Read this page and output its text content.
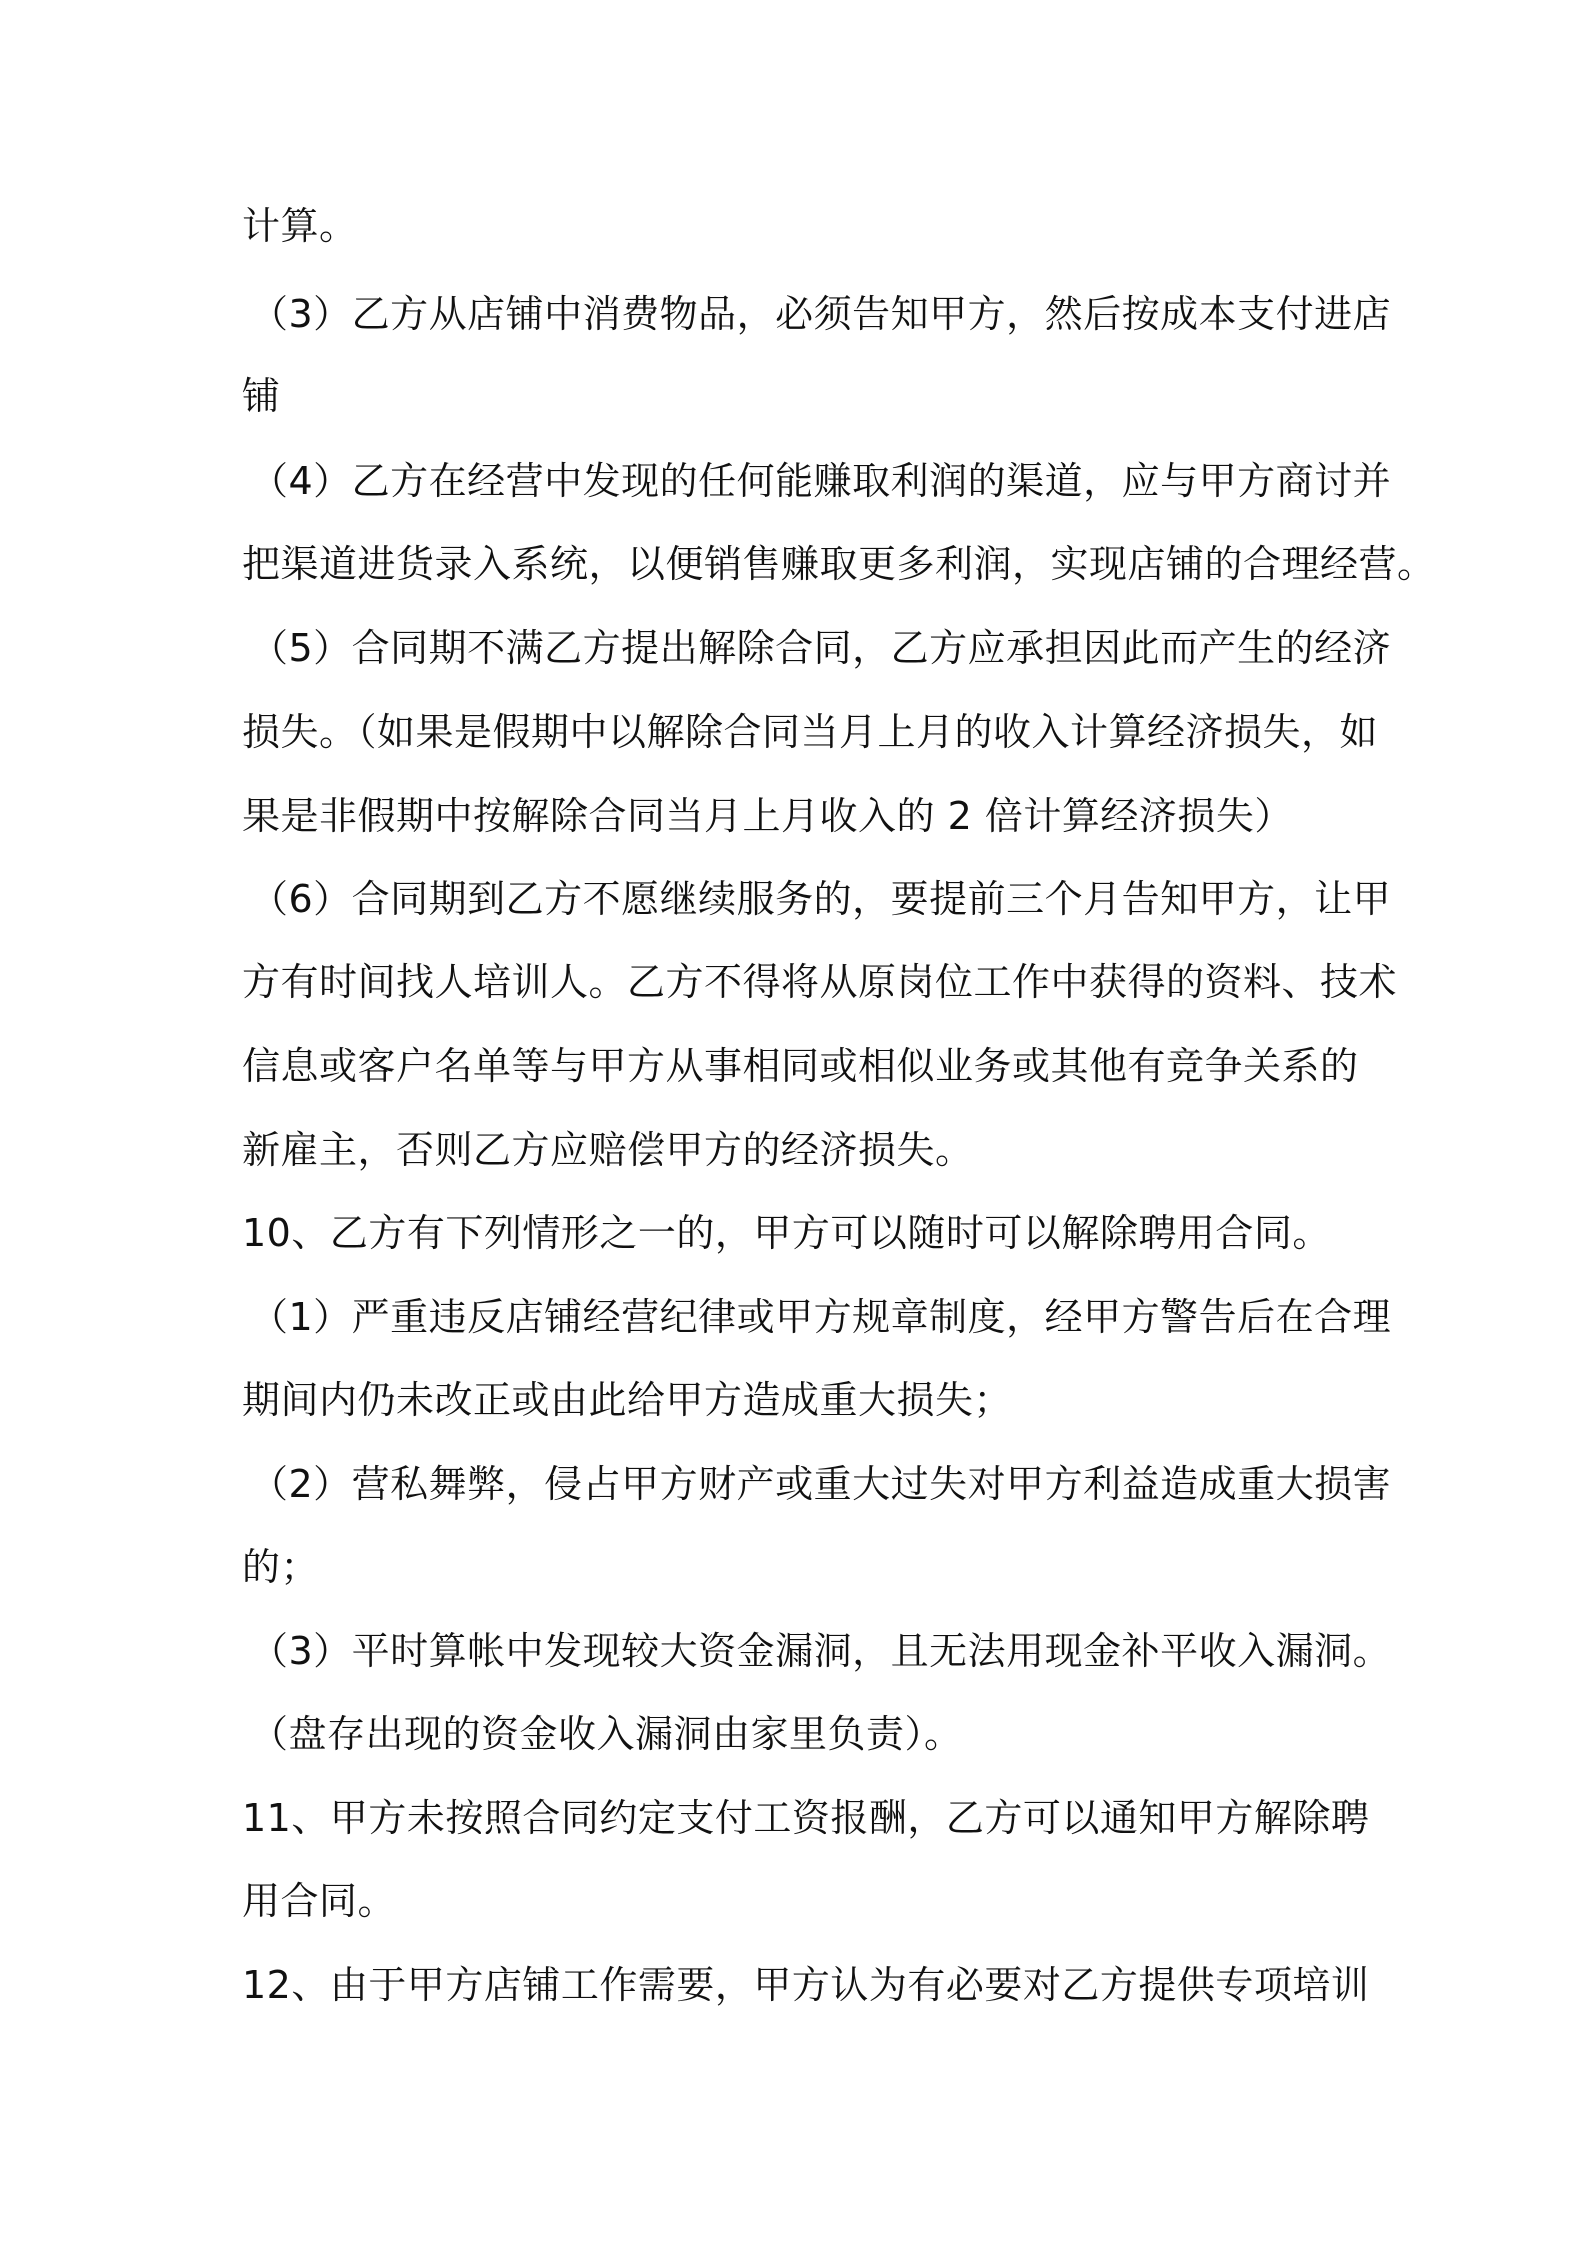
计算。
（3）乙方从店铺中消费物品，必须告知甲方，然后按成本支付进店
铺
（4）乙方在经营中发现的任何能赚取利润的渠道，应与甲方商讨并
把渠道进货录入系统，以便销售赚取更多利润，实现店铺的合理经营。
（5）合同期不满乙方提出解除合同，乙方应承担因此而产生的经济
损失。（如果是假期中以解除合同当月上月的收入计算经济损失，如
果是非假期中按解除合同当月上月收入的 2 倍计算经济损失）
（6）合同期到乙方不愿继续服务的，要提前三个月告知甲方，让甲
方有时间找人培训人。乙方不得将从原岗位工作中获得的资料、技术
信息或客户名单等与甲方从事相同或相似业务或其他有竞争关系的
新雇主，否则乙方应赔偿甲方的经济损失。
10、乙方有下列情形之一的，甲方可以随时可以解除聘用合同。
（1）严重违反店铺经营纪律或甲方规章制度，经甲方警告后在合理
期间内仍未改正或由此给甲方造成重大损失；
（2）营私舞弊，侵占甲方财产或重大过失对甲方利益造成重大损害
的；
（3）平时算帐中发现较大资金漏洞，且无法用现金补平收入漏洞。
（盘存出现的资金收入漏洞由家里负责）。
11、甲方未按照合同约定支付工资报酬，乙方可以通知甲方解除聘
用合同。
12、由于甲方店铺工作需要，甲方认为有必要对乙方提供专项培训
